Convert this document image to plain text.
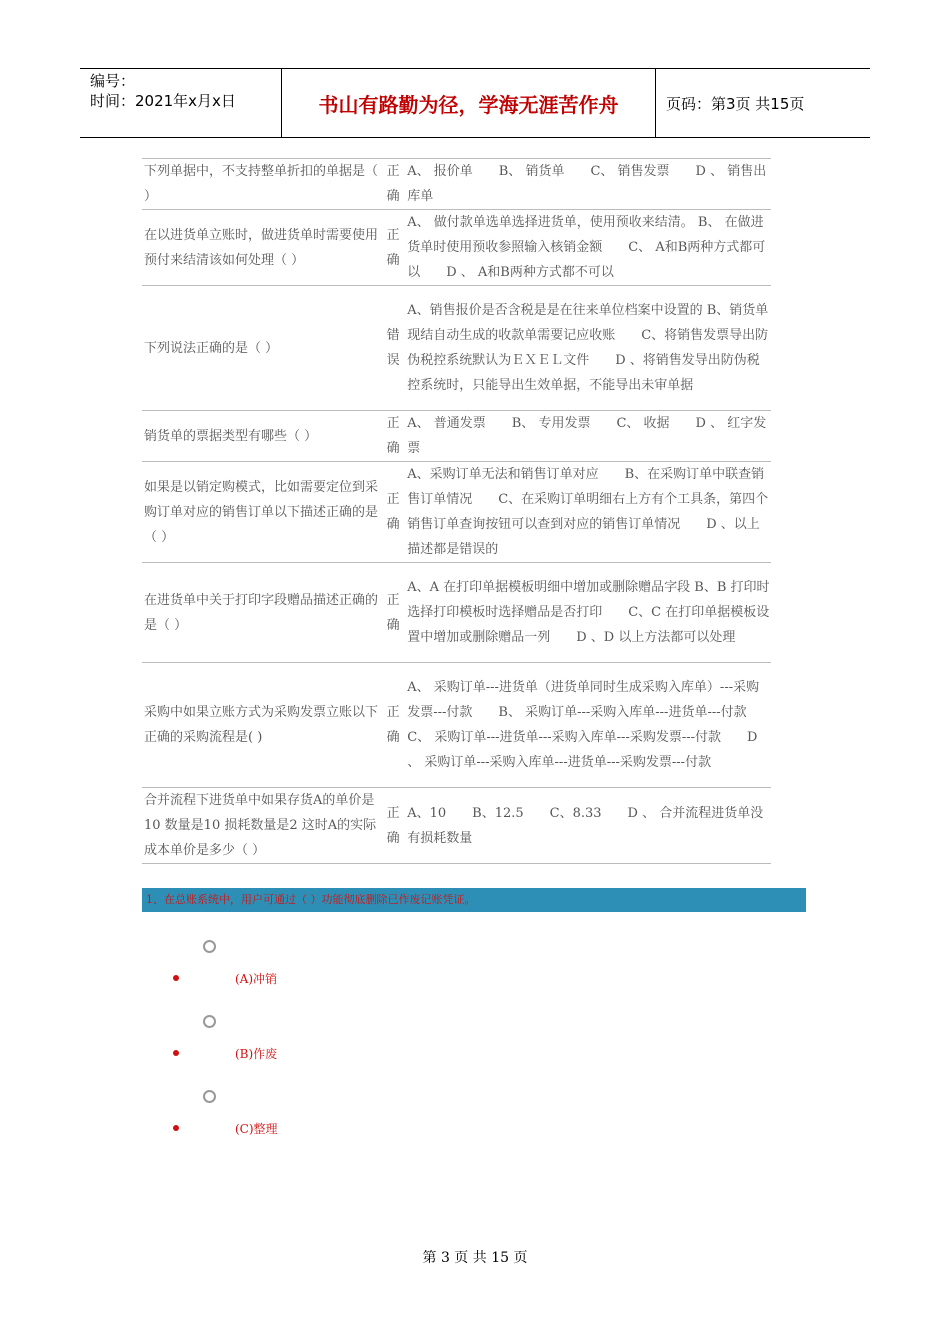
编号：
时间：2021年x月x日	书山有路勤为径，学海无涯苦作舟	页码：第3页 共15页
下列单据中，不支持整单折扣的单据是（ ）	正确	A、 报价单　　B、 销货单　　C、 销售发票　　D 、 销售出库单
在以进货单立账时，做进货单时需要使用预付来结清该如何处理（ ）	正确	A、 做付款单选单选择进货单，使用预收来结清。 B、 在做进货单时使用预收参照输入核销金额　　C、 A和B两种方式都可以　　D 、 A和B两种方式都不可以
下列说法正确的是（ ）	错误	A、销售报价是否含税是是在往来单位档案中设置的 B、销货单现结自动生成的收款单需要记应收账　　C、将销售发票导出防伪税控系统默认为ＥＸＥＬ文件　　D 、将销售发导出防伪税控系统时，只能导出生效单据，不能导出未审单据
销货单的票据类型有哪些（ ）	正确	A、 普通发票　　B、 专用发票　　C、 收据　　D 、 红字发票
如果是以销定购模式，比如需要定位到采购订单对应的销售订单以下描述正确的是（ ）	正确	A、采购订单无法和销售订单对应　　B、在采购订单中联查销售订单情况　　C、在采购订单明细右上方有个工具条，第四个销售订单查询按钮可以查到对应的销售订单情况　　D 、以上描述都是错误的
在进货单中关于打印字段赠品描述正确的是（ ）	正确	A、A 在打印单据模板明细中增加或删除赠品字段 B、B 打印时选择打印模板时选择赠品是否打印　　C、C 在打印单据模板设置中增加或删除赠品一列　　D 、D 以上方法都可以处理
采购中如果立账方式为采购发票立账以下正确的采购流程是( )	正确	A、 采购订单---进货单（进货单同时生成采购入库单）---采购发票---付款　　B、 采购订单---采购入库单---进货单---付款　　C、 采购订单---进货单---采购入库单---采购发票---付款　　D 、 采购订单---采购入库单---进货单---采购发票---付款
合并流程下进货单中如果存货A的单价是10 数量是10 损耗数量是2 这时A的实际成本单价是多少（ ）	正确	A、10　　B、12.5　　C、8.33　　D 、 合并流程进货单没有损耗数量
1、在总账系统中，用户可通过（ ）功能彻底删除已作废记账凭证。
(A)冲销
(B)作废
(C)整理
第 3 页 共 15 页
